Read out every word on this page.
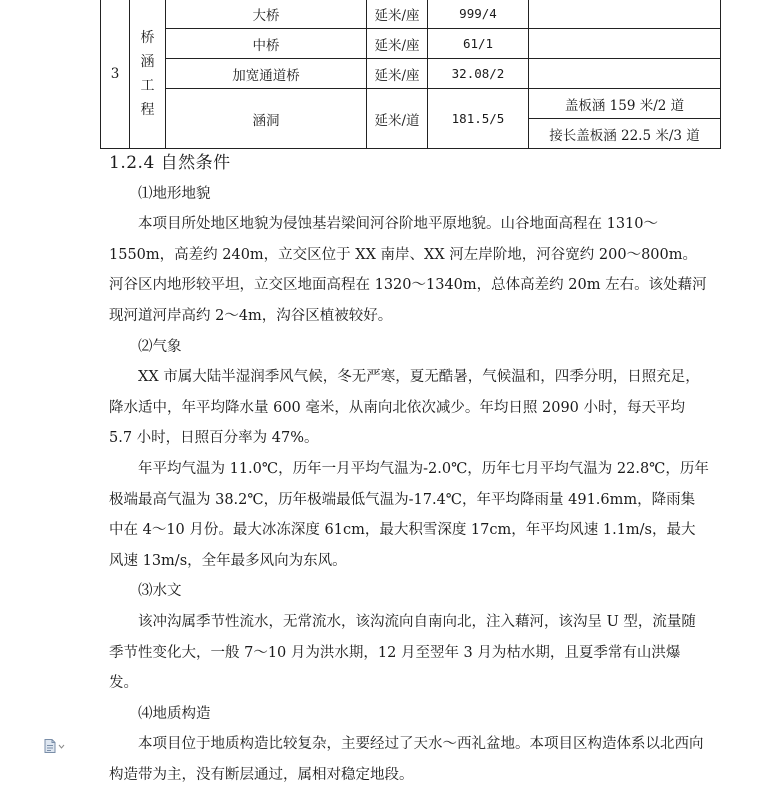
3	桥涵工程	大桥	延米/座	999/4	
		中桥	延米/座	61/1	
		加宽通道桥	延米/座	32.08/2	
		涵洞	延米/道	181.5/5	盖板涵 159 米/2 道
					接长盖板涵 22.5 米/3 道

1.2.4 自然条件

⑴地形地貌

本项目所处地区地貌为侵蚀基岩梁间河谷阶地平原地貌。山谷地面高程在 1310～1550m，高差约 240m，立交区位于 XX 南岸、XX 河左岸阶地，河谷宽约 200～800m。河谷区内地形较平坦，立交区地面高程在 1320～1340m，总体高差约 20m 左右。该处藉河现河道河岸高约 2～4m，沟谷区植被较好。

⑵气象

XX 市属大陆半湿润季风气候，冬无严寒，夏无酷暑，气候温和，四季分明，日照充足，降水适中，年平均降水量 600 毫米，从南向北依次减少。年均日照 2090 小时，每天平均 5.7 小时，日照百分率为 47%。

年平均气温为 11.0℃，历年一月平均气温为-2.0℃，历年七月平均气温为 22.8℃，历年极端最高气温为 38.2℃，历年极端最低气温为-17.4℃，年平均降雨量 491.6mm，降雨集中在 4～10 月份。最大冰冻深度 61cm，最大积雪深度 17cm，年平均风速 1.1m/s，最大风速 13m/s，全年最多风向为东风。

⑶水文

该冲沟属季节性流水，无常流水，该沟流向自南向北，注入藉河，该沟呈 U 型，流量随季节性变化大，一般 7～10 月为洪水期，12 月至翌年 3 月为枯水期，且夏季常有山洪爆发。

⑷地质构造

本项目位于地质构造比较复杂，主要经过了天水～西礼盆地。本项目区构造体系以北西向构造带为主，没有断层通过，属相对稳定地段。
